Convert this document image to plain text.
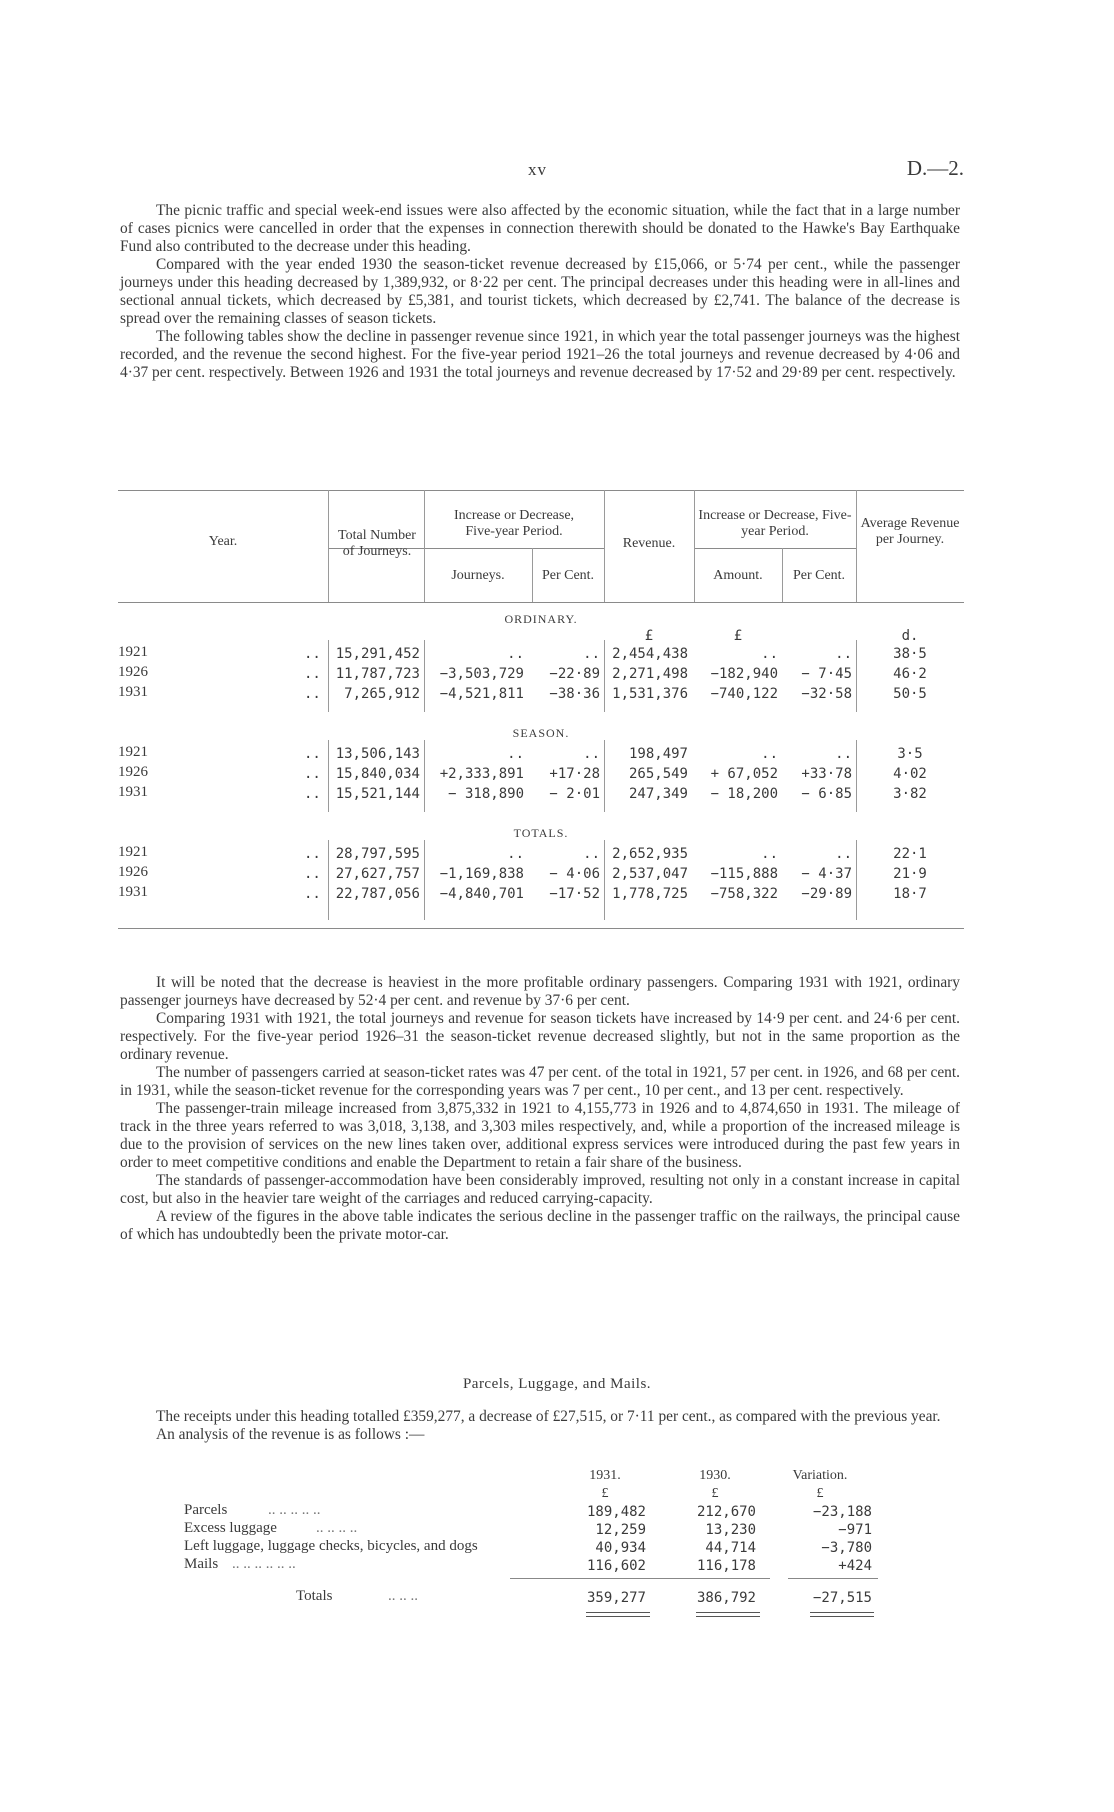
xv	D.—2.

The picnic traffic and special week-end issues were also affected by the economic situation, while the fact that in a large number of cases picnics were cancelled in order that the expenses in connection therewith should be donated to the Hawke's Bay Earthquake Fund also contributed to the decrease under this heading.

Compared with the year ended 1930 the season-ticket revenue decreased by £15,066, or 5·74 per cent., while the passenger journeys under this heading decreased by 1,389,932, or 8·22 per cent. The principal decreases under this heading were in all-lines and sectional annual tickets, which decreased by £5,381, and tourist tickets, which decreased by £2,741. The balance of the decrease is spread over the remaining classes of season tickets.

The following tables show the decline in passenger revenue since 1921, in which year the total passenger journeys was the highest recorded, and the revenue the second highest. For the five-year period 1921–26 the total journeys and revenue decreased by 4·06 and 4·37 per cent. respectively. Between 1926 and 1931 the total journeys and revenue decreased by 17·52 and 29·89 per cent. respectively.

Year.	Total Number of Journeys.
Increase or Decrease, Five-year Period.
Journeys.	Per Cent.
Revenue.
Increase or Decrease, Five-year Period.
Amount.	Per Cent.
Average Revenue per Journey.
ORDINARY.
£	£	d.
1921	..	15,291,452	..	.. 2,454,438	..	..	38·5
1926	..	11,787,723	−3,503,729	−22·89 2,271,498	−182,940	− 7·45	46·2
1931	..	7,265,912	−4,521,811	−38·36 1,531,376	−740,122	−32·58	50·5
SEASON.
1921	..	13,506,143	..	..	198,497	..	..	3·5
1926	..	15,840,034	+2,333,891	+17·28	265,549	+ 67,052	+33·78	4·02
1931	..	15,521,144	− 318,890	− 2·01	247,349	− 18,200	− 6·85	3·82
TOTALS.
1921	..	28,797,595	..	.. 2,652,935	..	..	22·1
1926	..	27,627,757	−1,169,838	− 4·06 2,537,047	−115,888	− 4·37	21·9
1931	..	22,787,056	−4,840,701	−17·52 1,778,725	−758,322	−29·89	18·7

It will be noted that the decrease is heaviest in the more profitable ordinary passengers. Comparing 1931 with 1921, ordinary passenger journeys have decreased by 52·4 per cent. and revenue by 37·6 per cent.

Comparing 1931 with 1921, the total journeys and revenue for season tickets have increased by 14·9 per cent. and 24·6 per cent. respectively. For the five-year period 1926–31 the season-ticket revenue decreased slightly, but not in the same proportion as the ordinary revenue.

The number of passengers carried at season-ticket rates was 47 per cent. of the total in 1921, 57 per cent. in 1926, and 68 per cent. in 1931, while the season-ticket revenue for the corresponding years was 7 per cent., 10 per cent., and 13 per cent. respectively.

The passenger-train mileage increased from 3,875,332 in 1921 to 4,155,773 in 1926 and to 4,874,650 in 1931. The mileage of track in the three years referred to was 3,018, 3,138, and 3,303 miles respectively, and, while a proportion of the increased mileage is due to the provision of services on the new lines taken over, additional express services were introduced during the past few years in order to meet competitive conditions and enable the Department to retain a fair share of the business.

The standards of passenger-accommodation have been considerably improved, resulting not only in a constant increase in capital cost, but also in the heavier tare weight of the carriages and reduced carrying-capacity.

A review of the figures in the above table indicates the serious decline in the passenger traffic on the railways, the principal cause of which has undoubtedly been the private motor-car.

Parcels, Luggage, and Mails.

The receipts under this heading totalled £359,277, a decrease of £27,515, or 7·11 per cent., as compared with the previous year.

An analysis of the revenue is as follows :—

1931.	1930.	Variation.
£	£	£
Parcels	.. .. .. .. ..	189,482	212,670	−23,188
Excess luggage	.. .. .. ..	12,259	13,230	−971
Left luggage, luggage checks, bicycles, and dogs	40,934	44,714	−3,780
Mails .. .. .. .. .. ..	116,602	116,178	+424
Totals	.. .. ..	359,277	386,792	−27,515
